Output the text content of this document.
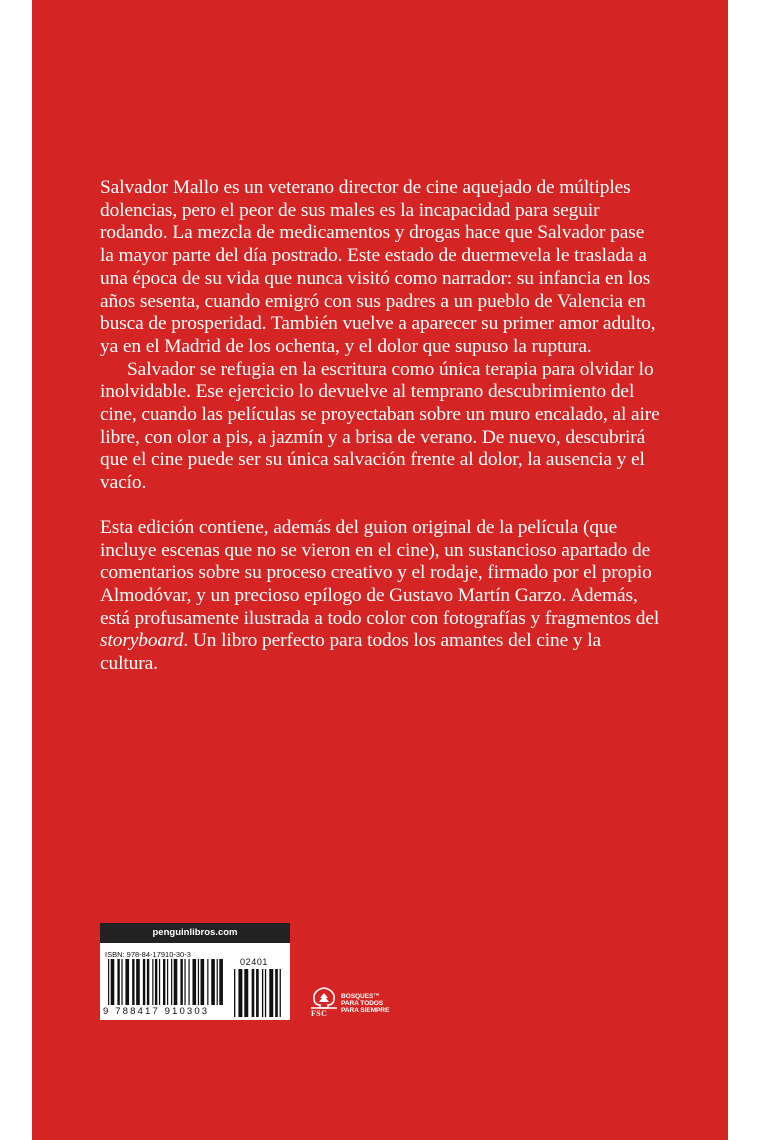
Salvador Mallo es un veterano director de cine aquejado de múltiples dolencias, pero el peor de sus males es la incapacidad para seguir rodando. La mezcla de medicamentos y drogas hace que Salvador pase la mayor parte del día postrado. Este estado de duermevela le traslada a una época de su vida que nunca visitó como narrador: su infancia en los años sesenta, cuando emigró con sus padres a un pueblo de Valencia en busca de prosperidad. También vuelve a aparecer su primer amor adulto, ya en el Madrid de los ochenta, y el dolor que supuso la ruptura.

Salvador se refugia en la escritura como única terapia para olvidar lo inolvidable. Ese ejercicio lo devuelve al temprano descubrimiento del cine, cuando las películas se proyectaban sobre un muro encalado, al aire libre, con olor a pis, a jazmín y a brisa de verano. De nuevo, descubrirá que el cine puede ser su única salvación frente al dolor, la ausencia y el vacío.

Esta edición contiene, además del guion original de la película (que incluye escenas que no se vieron en el cine), un sustancioso apartado de comentarios sobre su proceso creativo y el rodaje, firmado por el propio Almodóvar, y un precioso epílogo de Gustavo Martín Garzo. Además, está profusamente ilustrada a todo color con fotografías y fragmentos del storyboard. Un libro perfecto para todos los amantes del cine y la cultura.

penguinlibros.com
ISBN: 978-84-17910-30-3
02401
9 788417 910303	FSC
BOSQUES™
PARA TODOS
PARA SIEMPRE
